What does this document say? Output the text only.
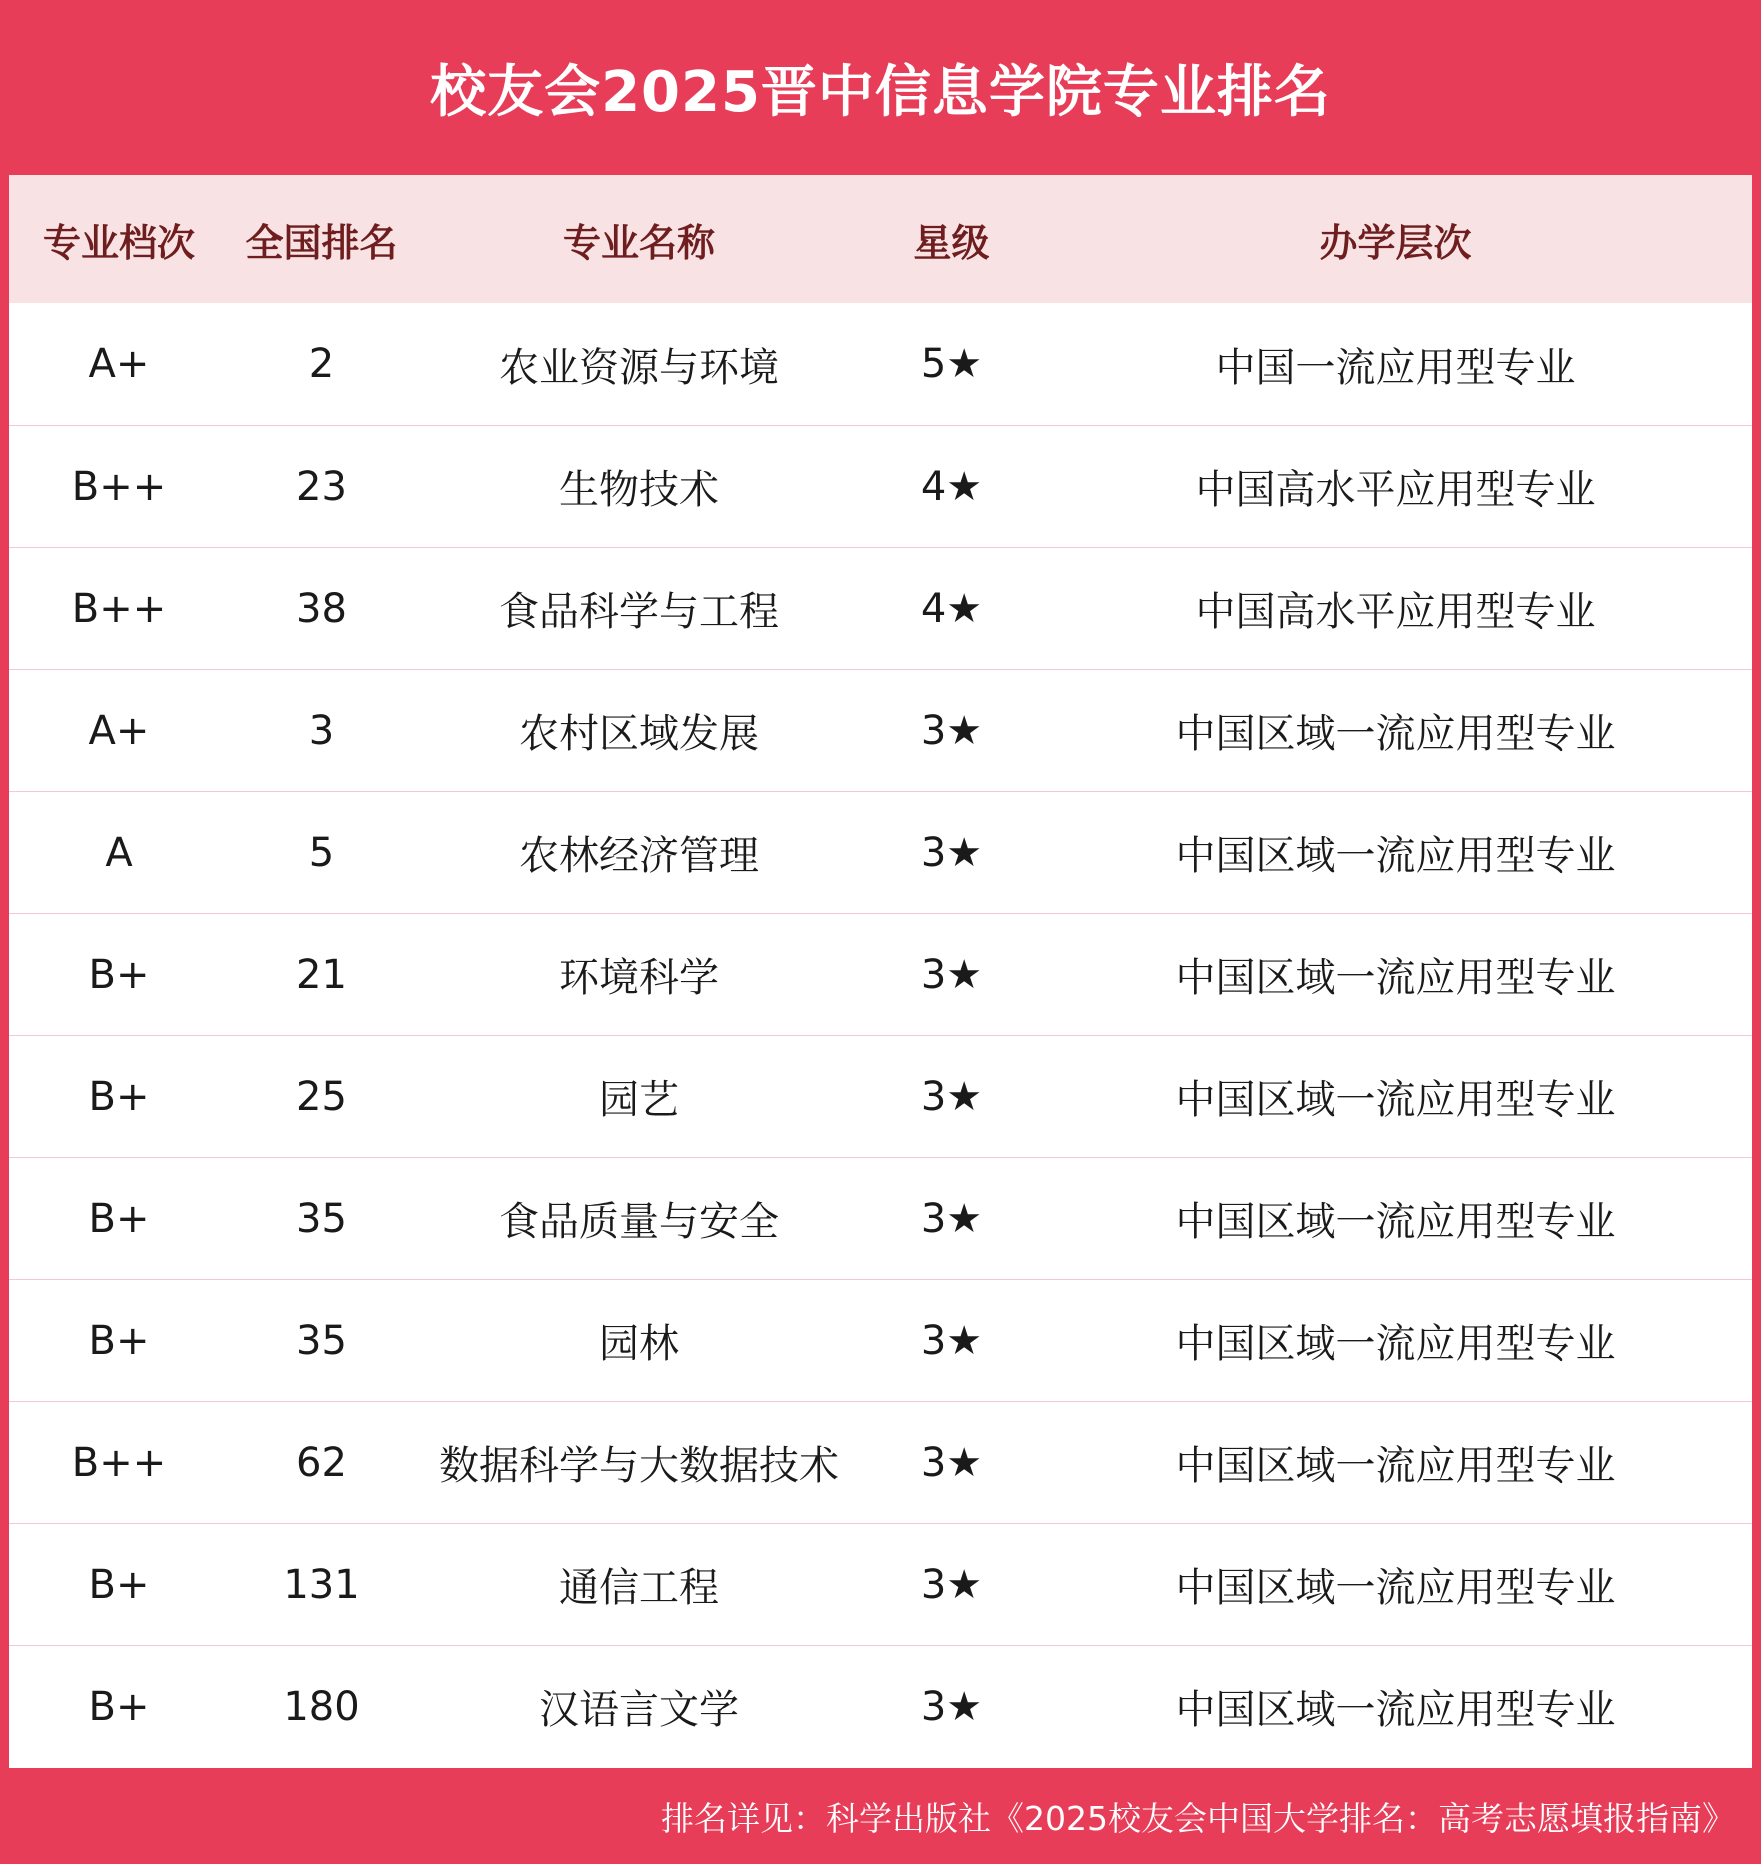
校友会2025晋中信息学院专业排名
专业档次	全国排名	专业名称	星级	办学层次
A+	2	农业资源与环境	5★	中国一流应用型专业
B++	23	生物技术	4★	中国高水平应用型专业
B++	38	食品科学与工程	4★	中国高水平应用型专业
A+	3	农村区域发展	3★	中国区域一流应用型专业
A	5	农林经济管理	3★	中国区域一流应用型专业
B+	21	环境科学	3★	中国区域一流应用型专业
B+	25	园艺	3★	中国区域一流应用型专业
B+	35	食品质量与安全	3★	中国区域一流应用型专业
B+	35	园林	3★	中国区域一流应用型专业
B++	62	数据科学与大数据技术	3★	中国区域一流应用型专业
B+	131	通信工程	3★	中国区域一流应用型专业
B+	180	汉语言文学	3★	中国区域一流应用型专业
排名详见：科学出版社《2025校友会中国大学排名：高考志愿填报指南》
